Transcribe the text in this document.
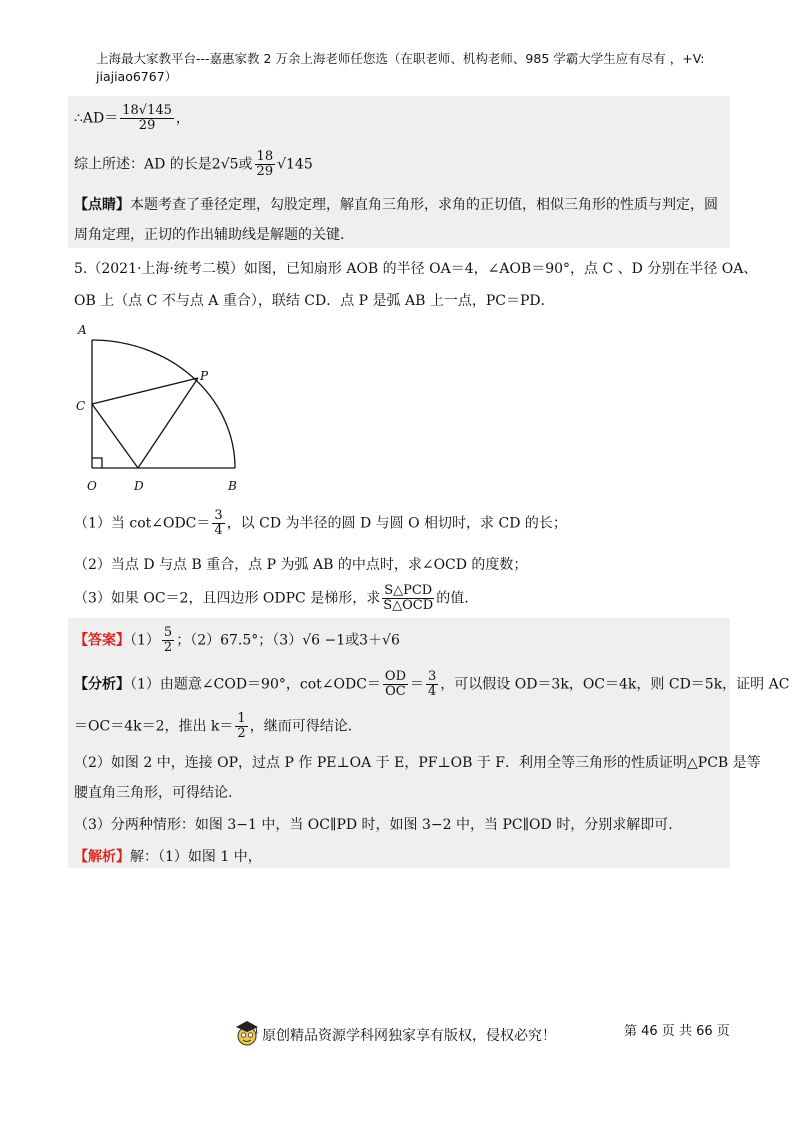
上海最大家教平台---嘉惠家教 2 万余上海老师任您选（在职老师、机构老师、985 学霸大学生应有尽有 ，+V:
jiajiao6767）
∴AD＝ $\frac{18√145}{29}$ ，
综上所述：AD 的长是2√5或 $\frac{18}{29} √145$
【点睛】本题考查了垂径定理，勾股定理，解直角三角形，求角的正切值，相似三角形的性质与判定，圆
周角定理，正切的作出辅助线是解题的关键.
5.（2021·上海·统考二模）如图，已知扇形 AOB 的半径 OA＝4，∠AOB＝90°，点 C 、D 分别在半径 OA、
OB 上（点 C 不与点 A 重合），联结 CD．点 P 是弧 AB 上一点，PC＝PD．
A
P
C
O	D	B
（1）当 cot∠ODC＝ $\frac{3}{4}$ ，以 CD 为半径的圆 D 与圆 O 相切时，求 CD 的长；
（2）当点 D 与点 B 重合，点 P 为弧 AB 的中点时，求∠OCD 的度数；
（3）如果 OC＝2，且四边形 ODPC 是梯形，求 $\frac{\text{S△PCD}}{\text{S△OCD}}$ 的值.
【答案】$(1) \frac{5}{2}$ ；（2）67.5°；（3）√6 −1或3＋√6
【分析】（1）由题意∠COD＝90°，cot∠ODC＝ $\frac{OD}{OC} = \frac{3}{4}$ ，可以假设 OD＝3k，OC＝4k，则 CD＝5k，证明 AC
＝OC＝4k＝2，推出 $k= \frac{1}{2}$ ，继而可得结论.
（2）如图 2 中，连接 OP，过点 P 作 PE⊥OA 于 E，PF⊥OB 于 F．利用全等三角形的性质证明△PCB 是等
腰直角三角形，可得结论.
（3）分两种情形：如图 3−1 中，当 OC∥PD 时，如图 3−2 中，当 PC∥OD 时，分别求解即可.
【解析】解：（1）如图 1 中，
原创精品资源学科网独家享有版权，侵权必究！	第 46 页 共 66 页
